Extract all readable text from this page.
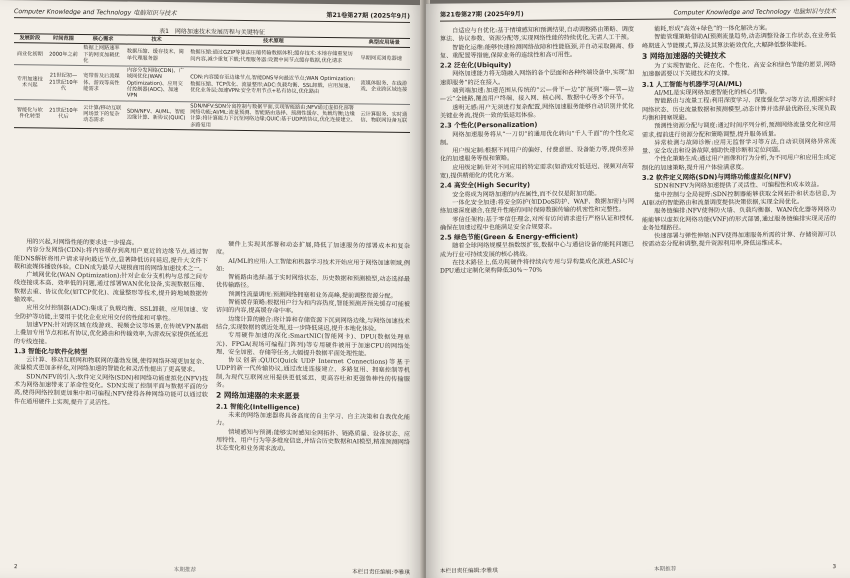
Computer Knowledge and Technology 电脑知识与技术	第21卷第27期 (2025年9月)
表1　网络加速技术发展历程与关键特征
发展阶段	时间范围	核心需求	技术	技术原理	典型应用场景
商业化初期	2000年之前	数据上网路速率下的网页加载优化	数据压缩、缓存技术、简单代理服务器	数据压缩:通过GZIP等算法压缩传输数据体积;缓存技术:本地存储重复访问内容,减少重复下载;代理服务器:设置中间节点缓存数据,优化请求	早期网页浏览器速
专用加速技术兴起	21世纪初—21世纪10年代	宽带普及后流媒体、游戏等高性能需求	内容分发网络(CDN)、广域网优化(WAN Optimization)、应用交付控制器(ADC)、加速VPN	CDN:内容缓存至边缘节点,智能DNS导向最近节点;WAN Optimization:数据压缩、TCP优化、流量整形;ADC:负载均衡、SSL卸载、应用加速、优化业务层;加速VPN:安全专用节点+私有协议,优化路由	流媒体服务、在线游戏、企业跨区域连接
智能化与软件化转型	21世纪10年代后	云计算/移动互联网场景下的复杂动态需求	SDN/NFV、AI/ML、智能边缘计算、新协议(QUIC)	SDN/NFV:SDN分离控制与数据平面,实现智能路由;NFV通过虚拟化部署网络功能;AI/ML:流量预测、智能路由选择、预测性缓存、负载均衡;边缘计算:将计算能力下沉至网络边缘;QUIC:基于UDP的协议,优化连接建立、多路复用	云计算服务、实时通信、物联网设备互联

用的兴起,对网络性能的要求进一步提高。

内容分发网络(CDN):将内容缓存到离用户更近的边缘节点,通过智能DNS解析将用户请求导向最近节点,显著降低访问延迟,提升大文件下载和流媒体播放体验。CDN成为最早大规模商用的网络加速技术之一。

广域网优化(WAN Optimization):针对企业分支机构与总部之间专线连接成本高、效率低的问题,通过部署WAN优化设备,实现数据压缩、数据去重、协议优化(如TCP优化)、流量整形等技术,提升跨地域数据传输效率。

应用交付控制器(ADC):集成了负载均衡、SSL卸载、应用加速、安全防护等功能,主要用于优化企业应用交付的性能和可靠性。

加速VPN:针对跨区域在线游戏、视频会议等场景,在传统VPN基础上叠加专用节点和私有协议,优化路由和传输效率,为游戏玩家提供低延迟的专线连接。

1.3 智能化与软件化转型

云计算、移动互联网和物联网的蓬勃发展,使得网络环境更加复杂、流量模式更加多样化,对网络加速的智能化和灵活性提出了更高要求。

SDN/NFV的引入:软件定义网络(SDN)和网络功能虚拟化(NFV)技术为网络加速带来了革命性变化。SDN实现了控制平面与数据平面的分离,使得网络控制更加集中和可编程;NFV使得各种网络功能可以通过软件在通用硬件上实现,提升了灵活性。

硬件上实现其部署和动态扩展,降低了加速服务的部署成本和复杂度。

AI/ML的应用:人工智能和机器学习技术开始应用于网络加速领域,例如:

智能路由选择:基于实时网络状态、历史数据和预测模型,动态选择最优传输路径。

预测性流量调度:预测网络拥塞和业务高峰,提前调整资源分配。

智能缓存策略:根据用户行为和内容热度,智能预测并预先缓存可能被访问的内容,提高缓存命中率。

边缘计算的融合:将计算和存储资源下沉到网络边缘,与网络加速技术结合,实现数据的就近处理,进一步降低延迟,提升本地化体验。

专用硬件加速的深化:SmartNIC(智能网卡)、DPU(数据处理单元)、FPGA(现场可编程门阵列)等专用硬件被用于加速CPU的网络处理、安全加密、存储等任务,大幅提升数据平面处理性能。

协议创新:QUIC(Quick UDP Internet Connections)等基于UDP的新一代传输协议,通过改进连接建立、多路复用、拥塞控制等机制,为现代互联网应用提供更低延迟、更高吞吐和更强鲁棒性的传输服务。

2 网络加速器的未来愿景
2.1 智能化(Intelligence)

未来的网络加速器将具备高度的自主学习、自主决策和自我优化能力。

情境感知与预测:能够实时感知全网拓扑、链路质量、设备状态、应用特性、用户行为等多维度信息,并结合历史数据和AI模型,精准预测网络状态变化和业务需求波动。

2	本期推荐	本栏目责任编辑:李雅琪
第21卷第27期 (2025年9月)	Computer Knowledge and Technology 电脑知识与技术

自适应与自优化:基于情境感知和预测结果,自动调整路由策略、调度算法、协议参数、资源分配等,实现网络性能的持续优化,无需人工干预。

智能化运维:能够快速检测网络故障和性能瓶颈,并自动采取隔离、修复、重配置等措施,保障业务的连续性和高可用性。

2.2 泛在化(Ubiquity)

网络加速能力将无缝融入网络的各个层面和各种终端设备中,实现“加速即服务”的泛在接入。

端到端加速:加速范围从传统的“云—骨干—边”扩展到“端—管—边—云”全链路,覆盖用户终端、接入网、核心网、数据中心等多个环节。

透明无感:用户无须进行复杂配置,网络加速服务能够自动识别并优化关键业务流,提供一致的低延迟体验。

2.3 个性化(Personalization)

网络加速服务将从“一刀切”的通用优化转向“千人千面”的个性化定制。

用户级定制:根据不同用户的偏好、付费意愿、设备能力等,提供差异化的加速服务等级和策略。

应用级定制:针对不同应用的特定需求(如游戏对低延迟、视频对高带宽),提供精细化的优化方案。

2.4 高安全(High Security)

安全将成为网络加速的内在属性,而不仅仅是附加功能。

一体化安全加速:将安全防护(如DDoS防护、WAF、数据加密)与网络加速深度融合,在提升性能的同时保障数据传输的机密性和完整性。

零信任架构:基于零信任理念,对所有访问请求进行严格认证和授权,确保在加速过程中也能满足安全合规要求。

2.5 绿色节能(Green & Energy-efficient)

随着全球网络规模呈指数级扩张,数据中心与通信设备的能耗问题已成为行业可持续发展的核心挑战。

在技术路径上,低功耗硬件将持续向专用与异构集成化演进,ASIC与DPU通过定制化架构降低30%～70%

能耗,形成“高效+绿色”的一体化解决方案。

智能管理策略借助AI预测流量趋势,动态调整设备工作状态,在业务低峰期进入节能模式,算法及其算法能效优化,大幅降低整体能耗。

3 网络加速器的关键技术

为了实现智能化、泛在化、个性化、高安全和绿色节能的愿景,网络加速器需要以下关键技术的支撑。

3.1 人工智能与机器学习(AI/ML)

AI/ML是实现网络加速智能化的核心引擎。

智能路由与流量工程:利用深度学习、深度强化学习等方法,根据实时网络状态、历史流量数据和预测模型,动态计算并选择最优路径,实现负载均衡和拥塞规避。

预测性资源分配与调度:通过时间序列分析,预测网络流量变化和应用需求,提前进行资源分配和策略调整,提升服务质量。

异常检测与故障诊断:应用无监督学习等方法,自动识别网络异常流量、安全攻击和设备故障,辅助快速诊断和定位问题。

个性化策略生成:通过用户画像和行为分析,为不同用户和应用生成定制化的加速策略,提升用户体验满意度。

3.2 软件定义网络(SDN)与网络功能虚拟化(NFV)

SDN和NFV为网络加速提供了灵活性、可编程性和成本效益。

集中控制与全局视野:SDN控制器能够获取全网拓扑和状态信息,为AI驱动的智能路由和流量调度提供决策依据,实现全局优化。

服务链编排:NFV使得防火墙、负载均衡器、WAN优化器等网络功能能够以虚拟化网络功能(VNF)的形式部署,通过服务链编排实现灵活的业务处理路径。

快速部署与弹性伸缩:NFV使得加速服务所需的计算、存储资源可以按需动态分配和调整,提升资源利用率,降低运维成本。

本栏目责任编辑:李雅琪	本期推荐	3
